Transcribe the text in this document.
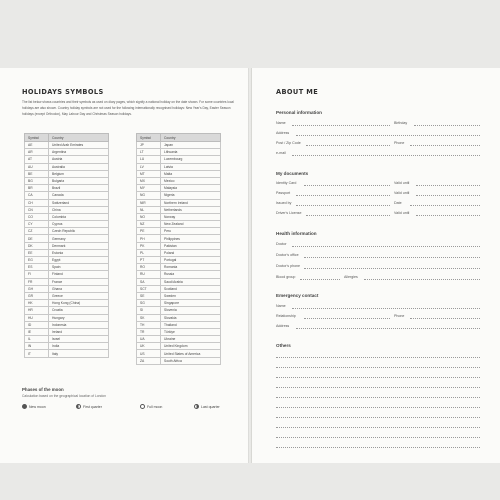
HOLIDAYS SYMBOLS

The list below shows countries and their symbols as used on diary pages, which signify a national holiday on the date shown. For some countries local holidays are also shown. Country holiday symbols are not used for the following internationally recognised holidays: New Year's Day, Easter Season holidays (except Orthodox), May Labour Day and Christmas Season holidays.

Symbol	Country
AE	United Arab Emirates
AR	Argentina
AT	Austria
AU	Australia
BE	Belgium
BG	Bulgaria
BR	Brazil
CA	Canada
CH	Switzerland
CN	China
CO	Colombia
CY	Cyprus
CZ	Czech Republic
DE	Germany
DK	Denmark
EE	Estonia
EG	Egypt
ES	Spain
FI	Finland
FR	France
GH	Ghana
GR	Greece
HK	Hong Kong (China)
HR	Croatia
HU	Hungary
ID	Indonesia
IE	Ireland
IL	Israel
IN	India
IT	Italy
Symbol	Country
JP	Japan
LT	Lithuania
LU	Luxembourg
LV	Latvia
MT	Malta
MX	Mexico
MY	Malaysia
NG	Nigeria
NIR	Northern Ireland
NL	Netherlands
NO	Norway
NZ	New Zealand
PE	Peru
PH	Philippines
PK	Pakistan
PL	Poland
PT	Portugal
RO	Romania
RU	Russia
SA	Saudi Arabia
SCT	Scotland
SE	Sweden
SG	Singapore
SI	Slovenia
SK	Slovakia
TH	Thailand
TR	Türkiye
UA	Ukraine
UK	United Kingdom
US	United States of America
ZA	South Africa
Phases of the moon
Calculation based on the geographical location of London
New moon	First quarter	Full moon	Last quarter
ABOUT ME
Personal information
Name	Birthday
Address
Post / Zip Code	Phone
e-mail
My documents
Identity Card	Valid until
Passport	Valid until
Issued by	Date
Driver's License	Valid until
Health information
Doctor
Doctor's office
Doctor's phone
Blood group	Allergies
Emergency contact
Name
Relationship	Phone
Address
Others
